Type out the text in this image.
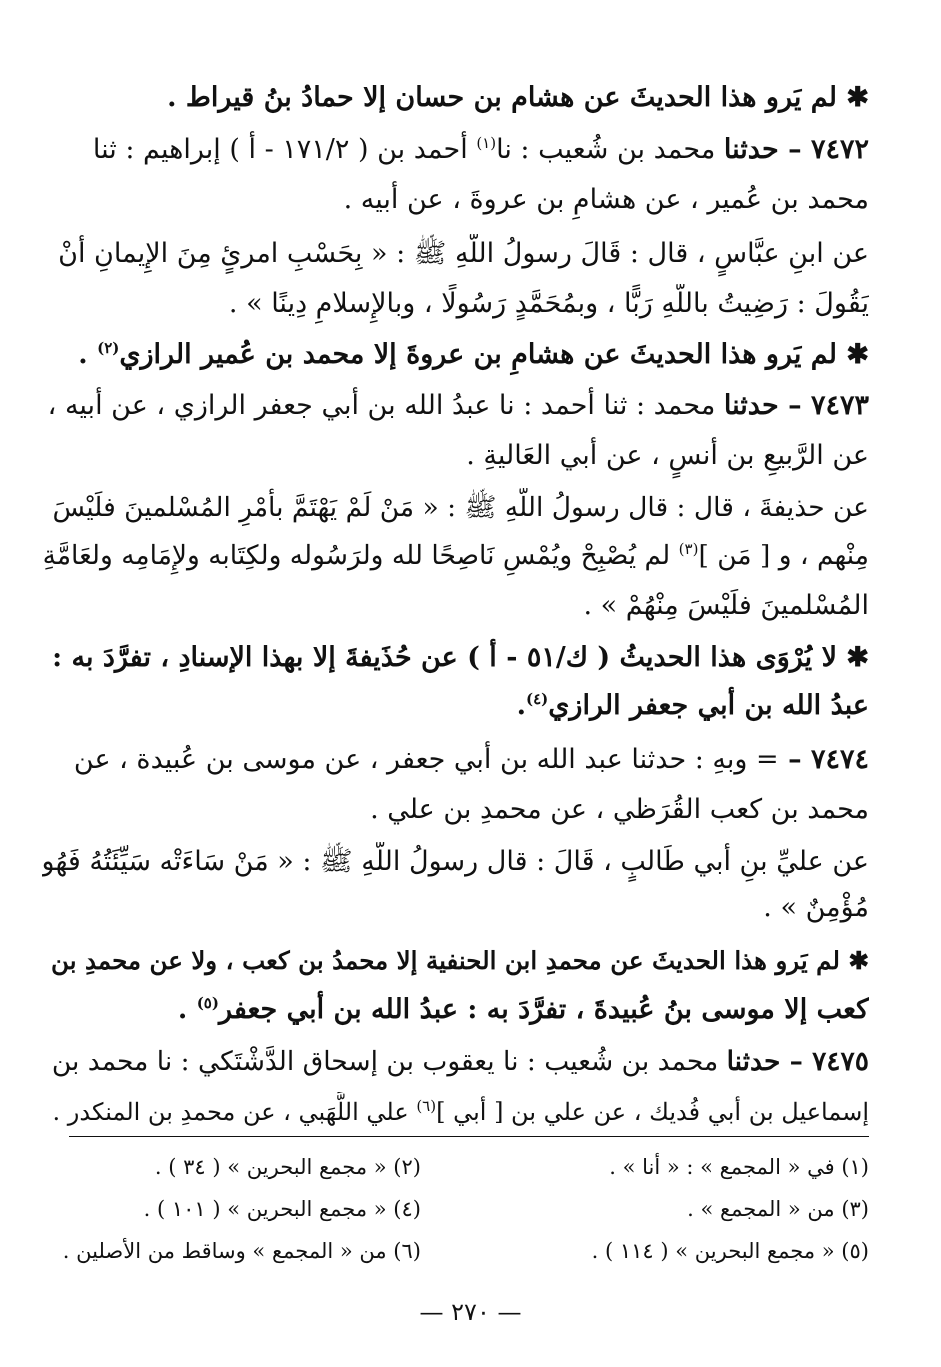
✱ لم يَرو هذا الحديثَ عن هشام بن حسان إلا حمادُ بنُ قيراط .
٧٤٧٢ – حدثنا محمد بن شُعيب : نا$^{(١)}$ أحمد بن ( ١٧١/٢ - أ ) إبراهيم : ثنا
محمد بن عُمير ، عن هشامِ بن عروةَ ، عن أبيه .
عن ابنِ عبَّاسٍ ، قال : قَالَ رسولُ اللَّهِ ﷺ : « بِحَسْبِ امرئٍ مِنَ الإِيمانِ أَنْ
يَقُولَ : رَضِيتُ باللَّهِ رَبًّا ، وبمُحَمَّدٍ رَسُولًا ، وبالإِسلامِ دِينًا » .
✱ لم يَرو هذا الحديثَ عن هشامِ بن عروةَ إلا محمد بن عُمير الرازي$^{(٢)}$ .
٧٤٧٣ – حدثنا محمد : ثنا أحمد : نا عبدُ الله بن أبي جعفر الرازي ، عن أبيه ،
عن الرَّبيعِ بن أنسٍ ، عن أبي العَاليةِ .
عن حذيفةَ ، قال : قال رسولُ اللَّهِ ﷺ : « مَنْ لَمْ يَهْتَمَّ بأَمْرِ المُسْلمينَ فلَيْسَ
مِنْهم ، و [ مَن ]$^{(٣)}$ لم يُصْبِحْ ويُمْسِ نَاصِحًا لله ولرَسُوله ولكِتَابه ولإِمَامِه ولعَامَّةِ
المُسْلمينَ فلَيْسَ مِنْهُمْ » .
✱ لا يُرْوَى هذا الحديثُ ( ك/٥١ - أ ) عن حُذَيفةَ إلا بهذا الإسنادِ ، تفرَّدَ به :
عبدُ الله بن أبي جعفر الرازي$^{(٤)}$.
٧٤٧٤ – = وبهِ : حدثنا عبد الله بن أبي جعفر ، عن موسى بن عُبيدة ، عن
محمد بن كعب القُرَظي ، عن محمدِ بن علي .
عن عليِّ بنِ أبي طَالبٍ ، قَالَ : قال رسولُ اللَّهِ ﷺ : « مَنْ سَاءَتْه سَيِّئَتُهُ فَهُو
مُؤْمِنٌ » .
✱ لم يَرو هذا الحديثَ عن محمدِ ابن الحنفية إلا محمدُ بن كعب ، ولا عن محمدِ بن
كعب إلا موسى بنُ عُبيدةَ ، تفرَّدَ به : عبدُ الله بن أبي جعفر$^{(٥)}$ .
٧٤٧٥ – حدثنا محمد بن شُعيب : نا يعقوب بن إسحاق الدَّشْتَكي : نا محمد بن
إسماعيل بن أبي فُديك ، عن علي بن [ أبي ]$^{(٦)}$ علي اللَّهَبي ، عن محمدِ بن المنكدر .
(١) في « المجمع » : « أنا » .
(٢) « مجمع البحرين » ( ٣٤ ) .
(٣) من « المجمع » .
(٤) « مجمع البحرين » ( ١٠١ ) .
(٥) « مجمع البحرين » ( ١١٤ ) .
(٦) من « المجمع » وساقط من الأصلين .
— ٢٧٠ —
